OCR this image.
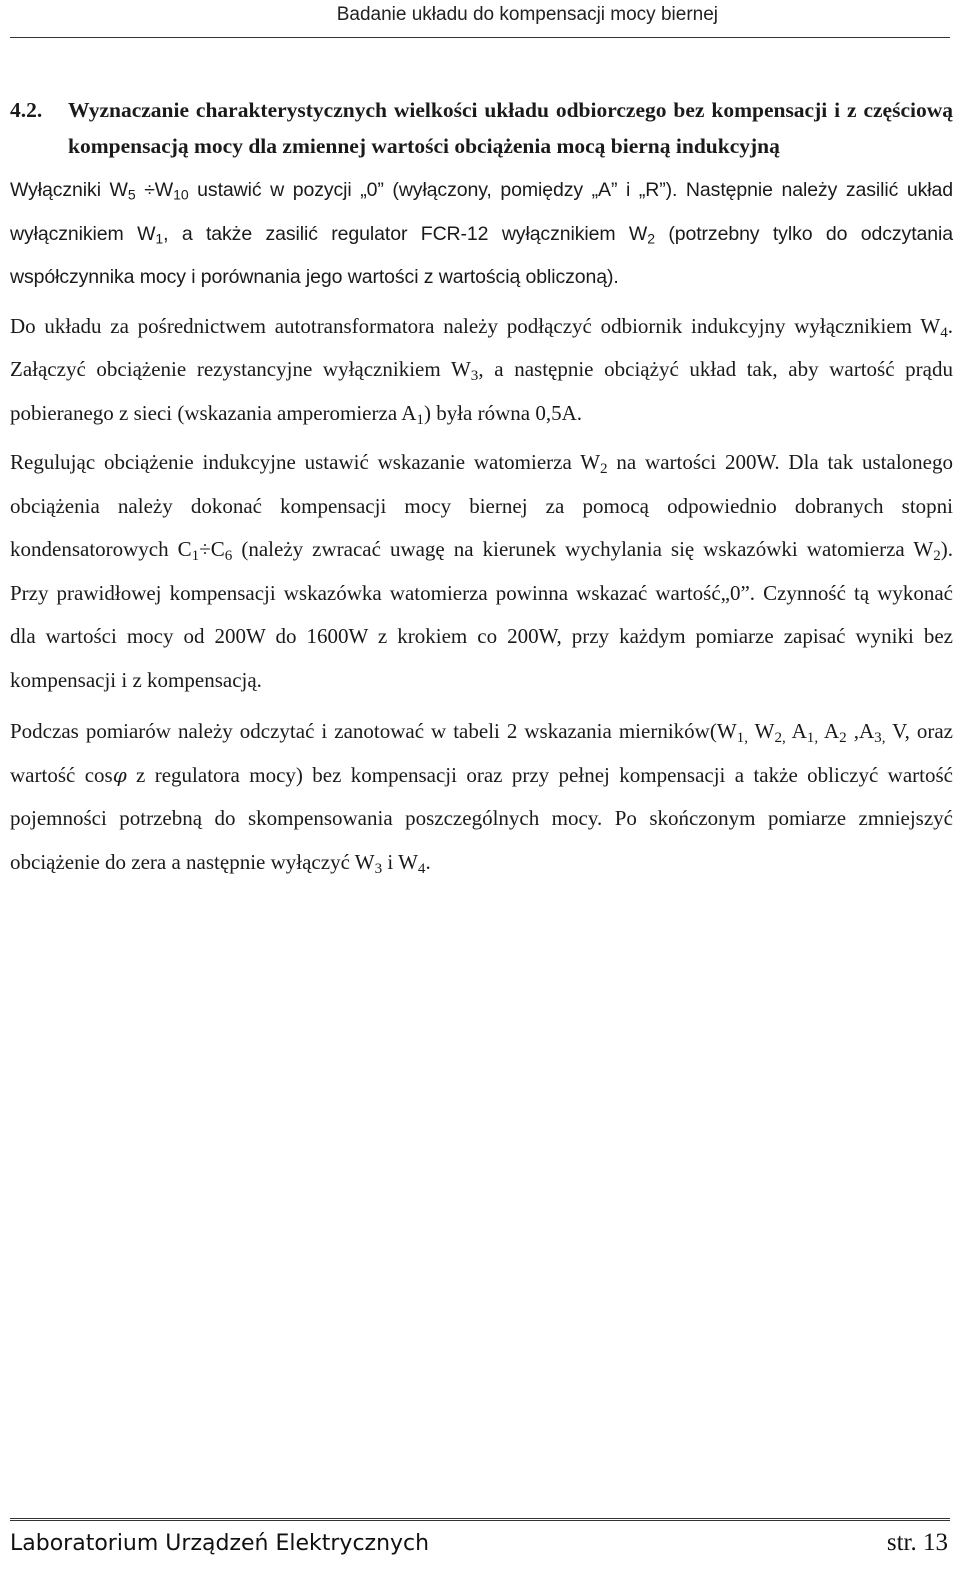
Badanie układu do kompensacji mocy biernej
4.2.	Wyznaczanie charakterystycznych wielkości układu odbiorczego bez kompensacji i z częściową kompensacją mocy dla zmiennej wartości obciążenia mocą bierną indukcyjną

Wyłączniki $W_5 \div W_{10}$ ustawić w pozycji „0” (wyłączony, pomiędzy „A” i „R”). Następnie należy zasilić układ wyłącznikiem $W_1$, a także zasilić regulator FCR-12 wyłącznikiem $W_2$ (potrzebny tylko do odczytania współczynnika mocy i porównania jego wartości z wartością obliczoną).

Do układu za pośrednictwem autotransformatora należy podłączyć odbiornik indukcyjny wyłącznikiem $W_4$. Załączyć obciążenie rezystancyjne wyłącznikiem $W_3$, a następnie obciążyć układ tak, aby wartość prądu pobieranego z sieci (wskazania amperomierza $A_1$) była równa 0,5A.

Regulując obciążenie indukcyjne ustawić wskazanie watomierza $W_2$ na wartości 200W. Dla tak ustalonego obciążenia należy dokonać kompensacji mocy biernej za pomocą odpowiednio dobranych stopni kondensatorowych $C_1\div C_6$ (należy zwracać uwagę na kierunek wychylania się wskazówki watomierza $W_2$). Przy prawidłowej kompensacji wskazówka watomierza powinna wskazać wartość„0”. Czynność tą wykonać dla wartości mocy od 200W do 1600W z krokiem co 200W, przy każdym pomiarze zapisać wyniki bez kompensacji i z kompensacją.

Podczas pomiarów należy odczytać i zanotować w tabeli 2 wskazania $mierników(W_{1,}$ $W_{2,}$ $A_{1,}$ $A_2$ $,A_{3,}$ V, oraz wartość cosφ z regulatora mocy) bez kompensacji oraz przy pełnej kompensacji a także obliczyć wartość pojemności potrzebną do skompensowania poszczególnych mocy. Po skończonym pomiarze zmniejszyć obciążenie do zera a następnie wyłączyć $W_3$ i $W_4$.

Laboratorium Urządzeń Elektrycznych	str. 13
